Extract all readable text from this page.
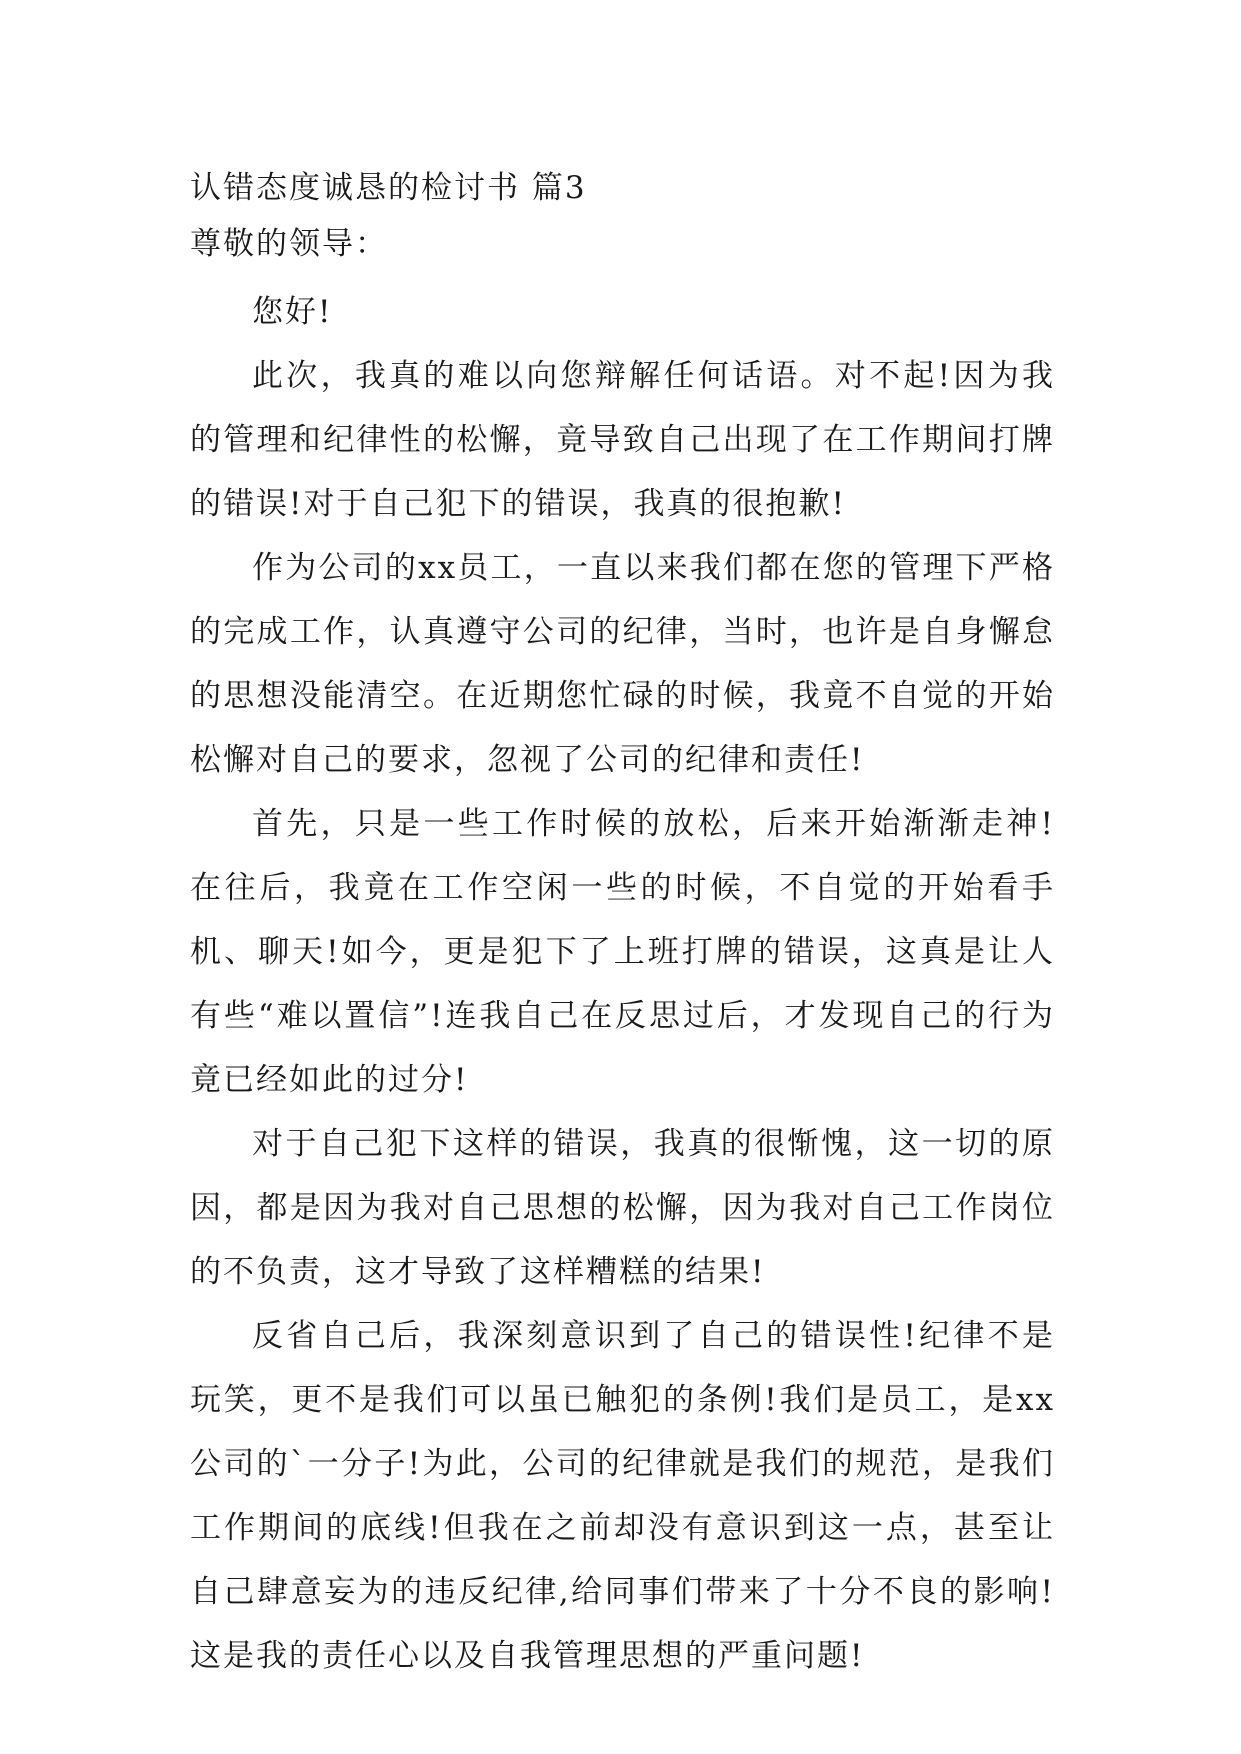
认错态度诚恳的检讨书 篇3

尊敬的领导：

您好!

此次，我真的难以向您辩解任何话语。对不起!因为我的管理和纪律性的松懈，竟导致自己出现了在工作期间打牌的错误!对于自己犯下的错误，我真的很抱歉!

作为公司的xx员工，一直以来我们都在您的管理下严格的完成工作，认真遵守公司的纪律，当时，也许是自身懈怠的思想没能清空。在近期您忙碌的时候，我竟不自觉的开始松懈对自己的要求，忽视了公司的纪律和责任!

首先，只是一些工作时候的放松，后来开始渐渐走神!在往后，我竟在工作空闲一些的时候，不自觉的开始看手机、聊天!如今，更是犯下了上班打牌的错误，这真是让人有些“难以置信”!连我自己在反思过后，才发现自己的行为竟已经如此的过分!

对于自己犯下这样的错误，我真的很惭愧，这一切的原因，都是因为我对自己思想的松懈，因为我对自己工作岗位的不负责，这才导致了这样糟糕的结果!

反省自己后，我深刻意识到了自己的错误性!纪律不是玩笑，更不是我们可以虽已触犯的条例!我们是员工，是xx公司的`一分子!为此，公司的纪律就是我们的规范，是我们工作期间的底线!但我在之前却没有意识到这一点，甚至让自己肆意妄为的违反纪律,给同事们带来了十分不良的影响!这是我的责任心以及自我管理思想的严重问题!
